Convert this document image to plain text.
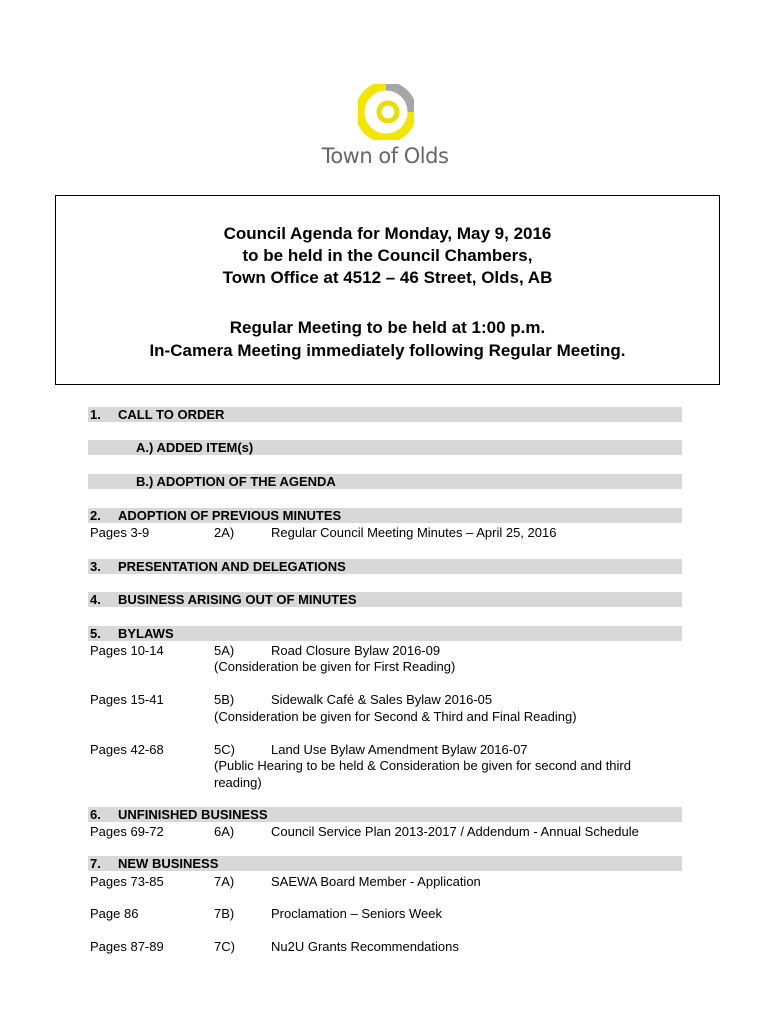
Town of Olds
Council Agenda for Monday, May 9, 2016
to be held in the Council Chambers,
Town Office at 4512 – 46 Street, Olds, AB
Regular Meeting to be held at 1:00 p.m.
In-Camera Meeting immediately following Regular Meeting.
1. CALL TO ORDER
A.) ADDED ITEM(s)
B.) ADOPTION OF THE AGENDA
2. ADOPTION OF PREVIOUS MINUTES
Pages 3-9	2A)	Regular Council Meeting Minutes – April 25, 2016
3. PRESENTATION AND DELEGATIONS
4. BUSINESS ARISING OUT OF MINUTES
5. BYLAWS
Pages 10-14	5A)	Road Closure Bylaw 2016-09
(Consideration be given for First Reading)
Pages 15-41	5B)	Sidewalk Café & Sales Bylaw 2016-05
(Consideration be given for Second & Third and Final Reading)
Pages 42-68	5C)	Land Use Bylaw Amendment Bylaw 2016-07
(Public Hearing to be held & Consideration be given for second and third
reading)
6. UNFINISHED BUSINESS
Pages 69-72	6A)	Council Service Plan 2013-2017 / Addendum - Annual Schedule
7. NEW BUSINESS
Pages 73-85	7A)	SAEWA Board Member - Application
Page 86	7B)	Proclamation – Seniors Week
Pages 87-89	7C)	Nu2U Grants Recommendations
